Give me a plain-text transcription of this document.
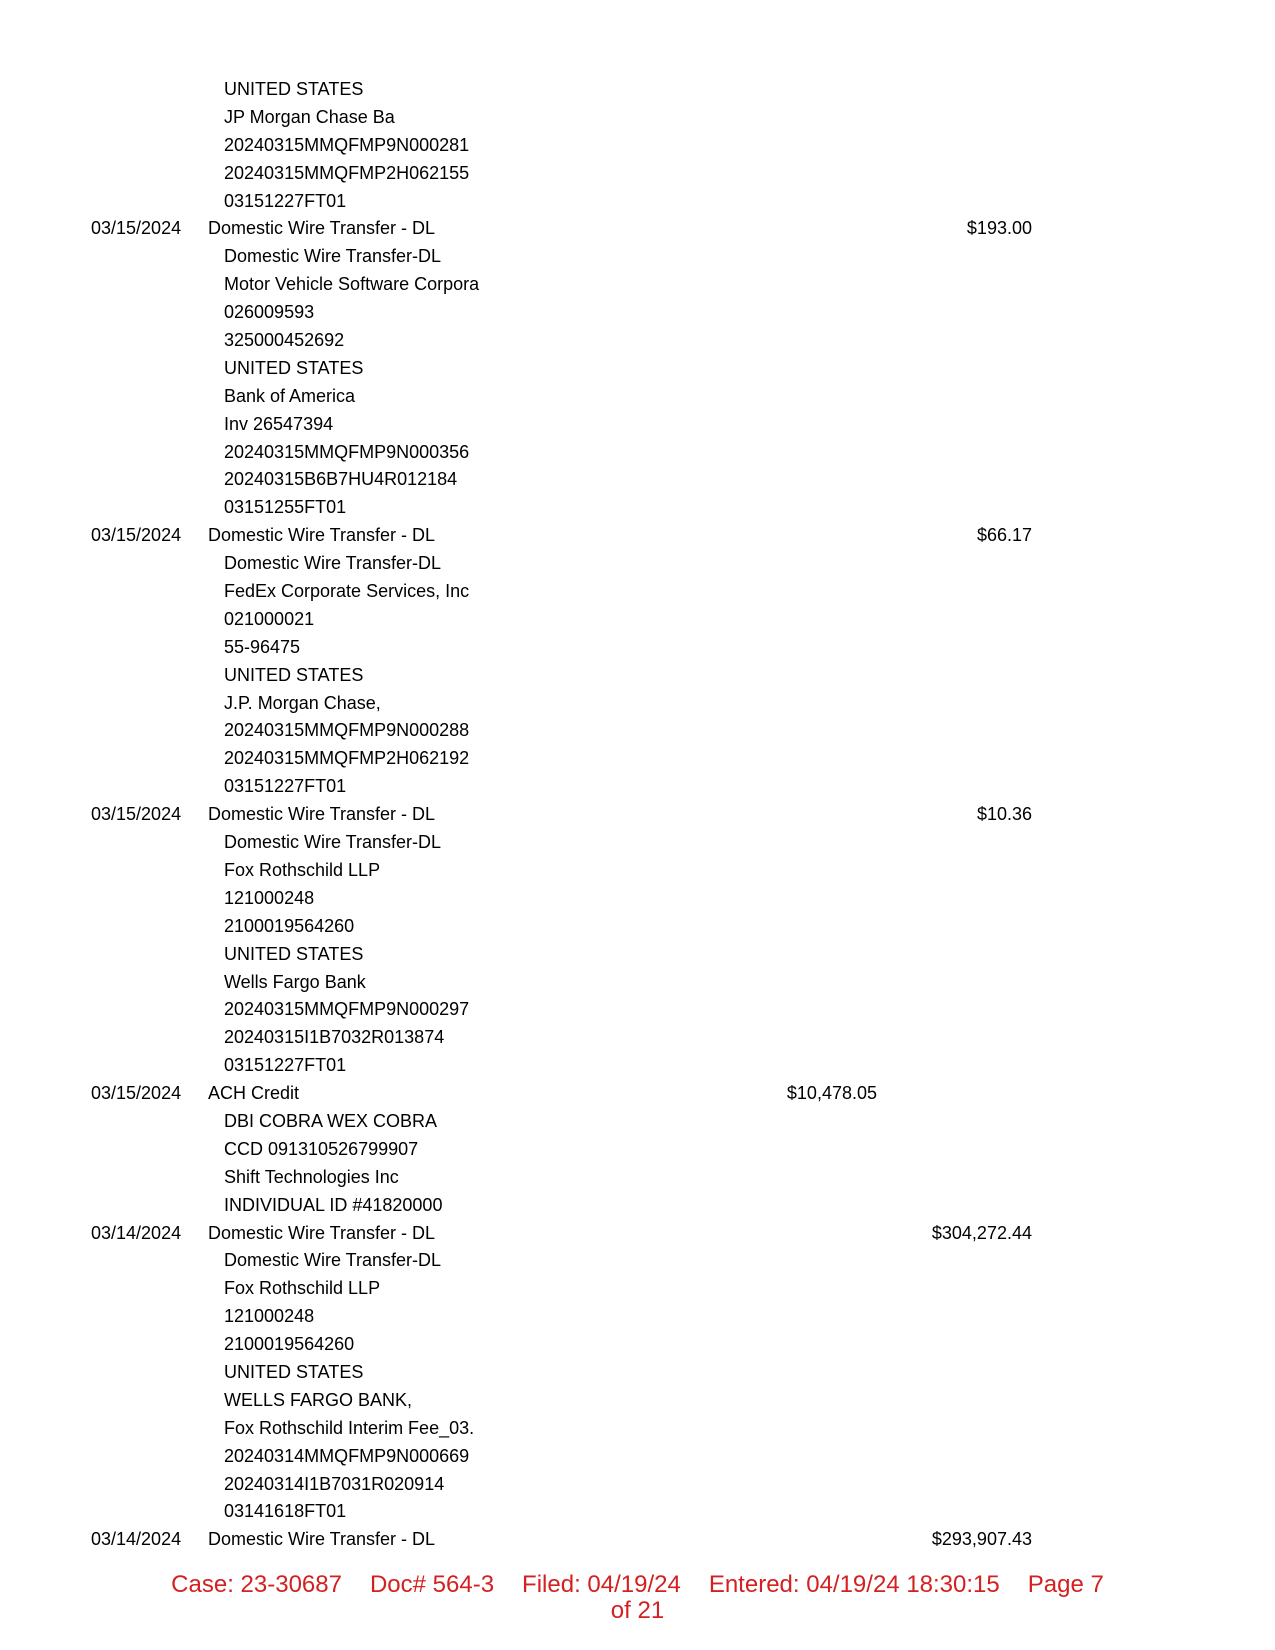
UNITED STATES
JP Morgan Chase Ba
20240315MMQFMP9N000281
20240315MMQFMP2H062155
03151227FT01
03/15/2024 Domestic Wire Transfer - DL	$193.00
Domestic Wire Transfer-DL
Motor Vehicle Software Corpora
026009593
325000452692
UNITED STATES
Bank of America
Inv 26547394
20240315MMQFMP9N000356
20240315B6B7HU4R012184
03151255FT01
03/15/2024 Domestic Wire Transfer - DL	$66.17
Domestic Wire Transfer-DL
FedEx Corporate Services, Inc
021000021
55-96475
UNITED STATES
J.P. Morgan Chase,
20240315MMQFMP9N000288
20240315MMQFMP2H062192
03151227FT01
03/15/2024 Domestic Wire Transfer - DL	$10.36
Domestic Wire Transfer-DL
Fox Rothschild LLP
121000248
2100019564260
UNITED STATES
Wells Fargo Bank
20240315MMQFMP9N000297
20240315I1B7032R013874
03151227FT01
03/15/2024 ACH Credit	$10,478.05
DBI COBRA WEX COBRA
CCD 091310526799907
Shift Technologies Inc
INDIVIDUAL ID #41820000
03/14/2024 Domestic Wire Transfer - DL	$304,272.44
Domestic Wire Transfer-DL
Fox Rothschild LLP
121000248
2100019564260
UNITED STATES
WELLS FARGO BANK,
Fox Rothschild Interim Fee_03.
20240314MMQFMP9N000669
20240314I1B7031R020914
03141618FT01
03/14/2024 Domestic Wire Transfer - DL	$293,907.43
Case: 23-30687 Doc# 564-3 Filed: 04/19/24 Entered: 04/19/24 18:30:15 Page 7
of 21
